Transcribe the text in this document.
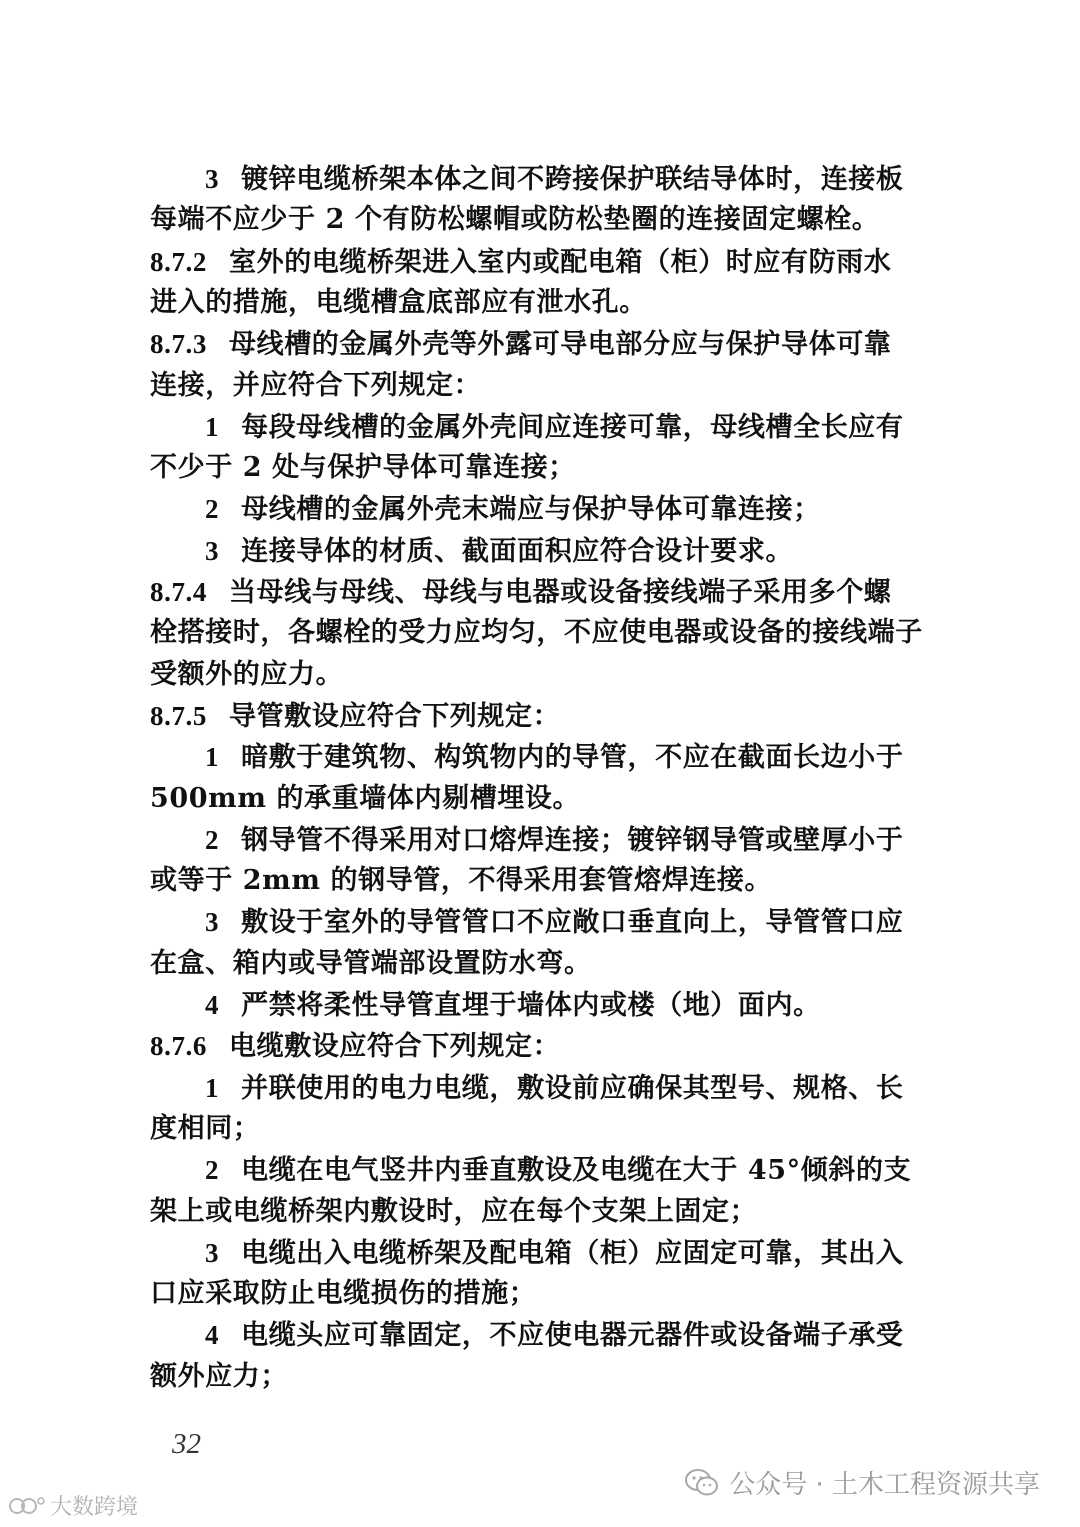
3 镀锌电缆桥架本体之间不跨接保护联结导体时，连接板
每端不应少于 2 个有防松螺帽或防松垫圈的连接固定螺栓。
8.7.2 室外的电缆桥架进入室内或配电箱（柜）时应有防雨水
进入的措施，电缆槽盒底部应有泄水孔。
8.7.3 母线槽的金属外壳等外露可导电部分应与保护导体可靠
连接，并应符合下列规定：
1 每段母线槽的金属外壳间应连接可靠，母线槽全长应有
不少于 2 处与保护导体可靠连接；
2 母线槽的金属外壳末端应与保护导体可靠连接；
3 连接导体的材质、截面面积应符合设计要求。
8.7.4 当母线与母线、母线与电器或设备接线端子采用多个螺
栓搭接时，各螺栓的受力应均匀，不应使电器或设备的接线端子
受额外的应力。
8.7.5 导管敷设应符合下列规定：
1 暗敷于建筑物、构筑物内的导管，不应在截面长边小于
500mm 的承重墙体内剔槽埋设。
2 钢导管不得采用对口熔焊连接；镀锌钢导管或壁厚小于
或等于 2mm 的钢导管，不得采用套管熔焊连接。
3 敷设于室外的导管管口不应敞口垂直向上，导管管口应
在盒、箱内或导管端部设置防水弯。
4 严禁将柔性导管直埋于墙体内或楼（地）面内。
8.7.6 电缆敷设应符合下列规定：
1 并联使用的电力电缆，敷设前应确保其型号、规格、长
度相同；
2 电缆在电气竖井内垂直敷设及电缆在大于 45°倾斜的支
架上或电缆桥架内敷设时，应在每个支架上固定；
3 电缆出入电缆桥架及配电箱（柜）应固定可靠，其出入
口应采取防止电缆损伤的措施；
4 电缆头应可靠固定，不应使电器元器件或设备端子承受
额外应力；
32
公众号 · 土木工程资源共享
大数跨境
